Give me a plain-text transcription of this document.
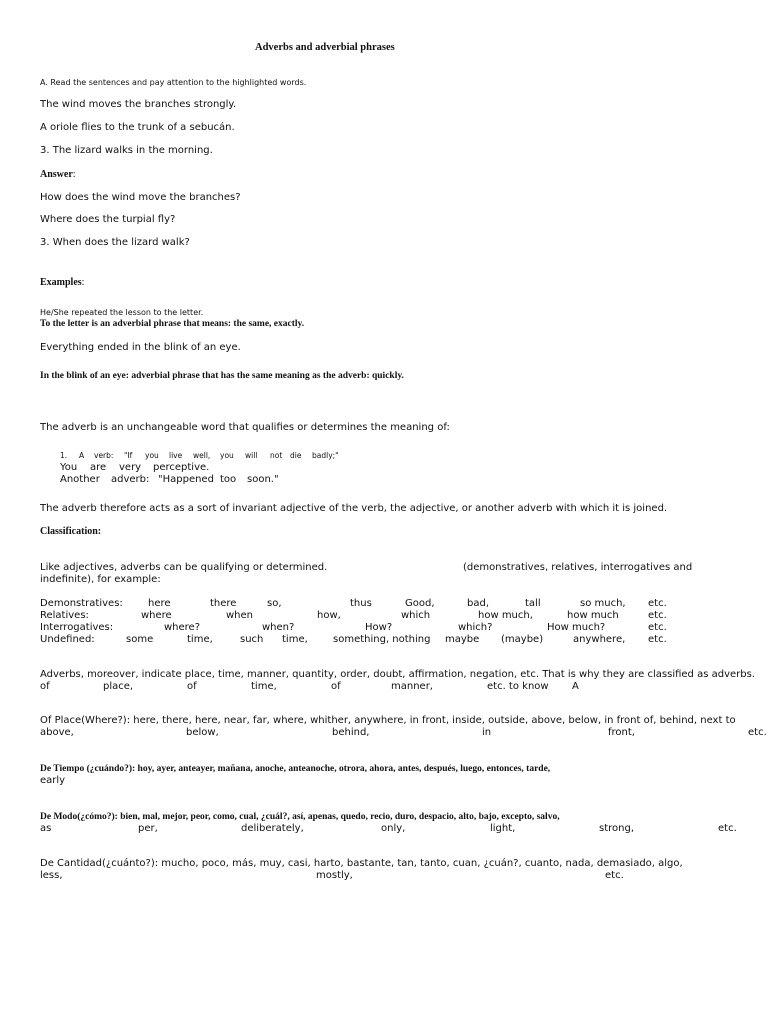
Adverbs and adverbial phrases
A. Read the sentences and pay attention to the highlighted words.
The wind moves the branches strongly.
A oriole flies to the trunk of a sebucán.
3. The lizard walks in the morning.
Answer:
How does the wind move the branches?
Where does the turpial fly?
3. When does the lizard walk?
Examples:
He/She repeated the lesson to the letter.
To the letter is an adverbial phrase that means: the same, exactly.
Everything ended in the blink of an eye.
In the blink of an eye: adverbial phrase that has the same meaning as the adverb: quickly.
The adverb is an unchangeable word that qualifies or determines the meaning of:
1. A verb: "If you live well, you will not die badly;"
You are very perceptive.
Another adverb: "Happened too soon."
The adverb therefore acts as a sort of invariant adjective of the verb, the adjective, or another adverb with which it is joined.
Classification:
Like adjectives, adverbs can be qualifying or determined.	(demonstratives, relatives, interrogatives and
indefinite), for example:
Demonstratives:	here	there	so,	thus	Good,	bad,	tall	so much, etc.
Relatives:	where	when	how,	which	how much,	how much	etc.
Interrogatives:	where?	when?	How?	which?	How much?	etc.
Undefined:	some	time,	such time,	something, nothing maybe (maybe)	anywhere, etc.
Adverbs, moreover, indicate place, time, manner, quantity, order, doubt, affirmation, negation, etc. That is why they are classified as adverbs.
of	place,	of	time,	of	manner,	etc. to know A
Of Place(Where?): here, there, here, near, far, where, whither, anywhere, in front, inside, outside, above, below, in front of, behind, next to
above,	below,	behind,	in	front,	etc.
De Tiempo (¿cuándo?): hoy, ayer, anteayer, mañana, anoche, anteanoche, otrora, ahora, antes, después, luego, entonces, tarde,
early
De Modo(¿cómo?): bien, mal, mejor, peor, como, cual, ¿cuál?, así, apenas, quedo, recio, duro, despacio, alto, bajo, excepto, salvo,
as	per,	deliberately,	only,	light,	strong,	etc.
De Cantidad(¿cuánto?): mucho, poco, más, muy, casi, harto, bastante, tan, tanto, cuan, ¿cuán?, cuanto, nada, demasiado, algo,
less,	mostly,	etc.
